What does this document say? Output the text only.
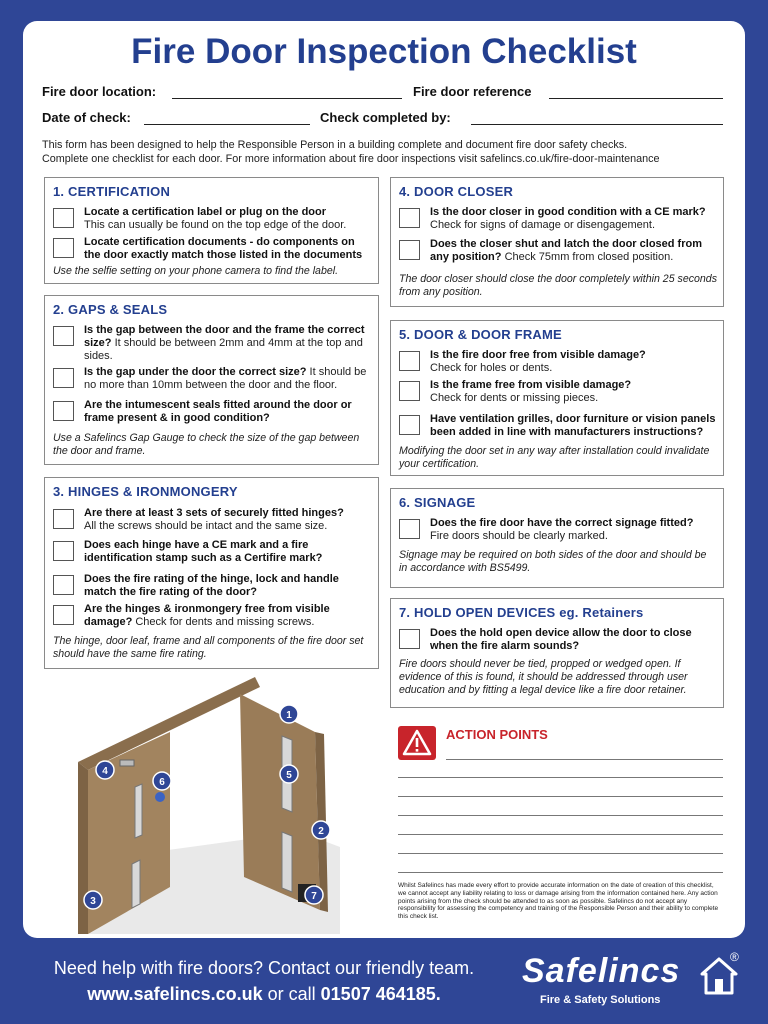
Fire Door Inspection Checklist
Fire door location:	Fire door reference
Date of check:	Check completed by:
This form has been designed to help the Responsible Person in a building complete and document fire door safety checks.
Complete one checklist for each door. For more information about fire door inspections visit safelincs.co.uk/fire-door-maintenance
1. CERTIFICATION
Locate a certification label or plug on the door
This can usually be found on the top edge of the door.
Locate certification documents - do components on the door exactly match those listed in the documents
Use the selfie setting on your phone camera to find the label.
2. GAPS & SEALS
Is the gap between the door and the frame the correct size? It should be between 2mm and 4mm at the top and sides.
Is the gap under the door the correct size? It should be no more than 10mm between the door and the floor.
Are the intumescent seals fitted around the door or frame present & in good condition?
Use a Safelincs Gap Gauge to check the size of the gap between the door and frame.
3. HINGES & IRONMONGERY
Are there at least 3 sets of securely fitted hinges?
All the screws should be intact and the same size.
Does each hinge have a CE mark and a fire identification stamp such as a Certifire mark?
Does the fire rating of the hinge, lock and handle match the fire rating of the door?
Are the hinges & ironmongery free from visible damage? Check for dents and missing screws.
The hinge, door leaf, frame and all components of the fire door set should have the same fire rating.
4. DOOR CLOSER
Is the door closer in good condition with a CE mark? Check for signs of damage or disengagement.
Does the closer shut and latch the door closed from any position? Check 75mm from closed position.
The door closer should close the door completely within 25 seconds from any position.
5. DOOR & DOOR FRAME
Is the fire door free from visible damage?
Check for holes or dents.
Is the frame free from visible damage?
Check for dents or missing pieces.
Have ventilation grilles, door furniture or vision panels been added in line with manufacturers instructions?
Modifying the door set in any way after installation could invalidate your certification.
6. SIGNAGE
Does the fire door have the correct signage fitted?
Fire doors should be clearly marked.
Signage may be required on both sides of the door and should be in accordance with BS5499.
7. HOLD OPEN DEVICES eg. Retainers
Does the hold open device allow the door to close when the fire alarm sounds?
Fire doors should never be tied, propped or wedged open. If evidence of this is found, it should be addressed through user education and by fitting a legal device like a fire door retainer.
1
2
3
4	5
6
7
ACTION POINTS
Whilst Safelincs has made every effort to provide accurate information on the date of creation of this checklist, we cannot accept any liability relating to loss or damage arising from the information contained here. Any action points arising from the check should be attended to as soon as possible. Safelincs do not accept any responsibility for assessing the competency and training of the Responsible Person and their ability to complete this check list.
Need help with fire doors? Contact our friendly team.
www.safelincs.co.uk or call 01507 464185.
Safelincs	®
Fire & Safety Solutions
